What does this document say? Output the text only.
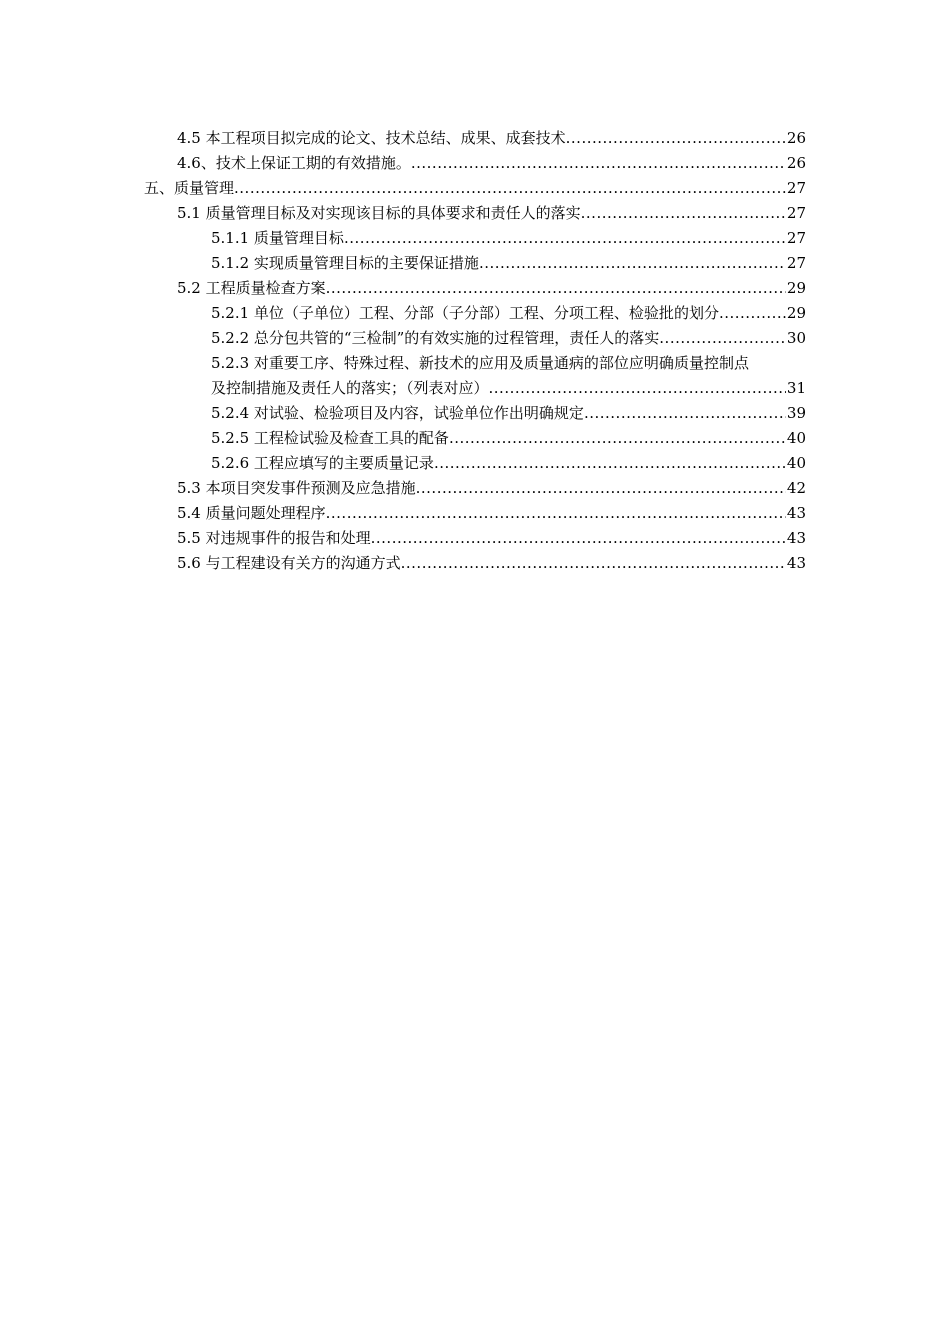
4.5 本工程项目拟完成的论文、技术总结、成果、成套技术 .....	26
4.6、技术上保证工期的有效措施。 .....	26
五、质量管理 .....	27
5.1 质量管理目标及对实现该目标的具体要求和责任人的落实 .....	27
5.1.1 质量管理目标 .....	27
5.1.2 实现质量管理目标的主要保证措施 .....	27
5.2 工程质量检查方案 .....	29
5.2.1 单位（子单位）工程、分部（子分部）工程、分项工程、检验批的划分 .....	29
5.2.2 总分包共管的“三检制”的有效实施的过程管理，责任人的落实 .....	30
5.2.3 对重要工序、特殊过程、新技术的应用及质量通病的部位应明确质量控制点
及控制措施及责任人的落实；（列表对应） .....	31
5.2.4 对试验、检验项目及内容，试验单位作出明确规定 .....	39
5.2.5 工程检试验及检查工具的配备 .....	40
5.2.6 工程应填写的主要质量记录 .....	40
5.3 本项目突发事件预测及应急措施 .....	42
5.4 质量问题处理程序 .....	43
5.5 对违规事件的报告和处理 .....	43
5.6 与工程建设有关方的沟通方式 .....	43
